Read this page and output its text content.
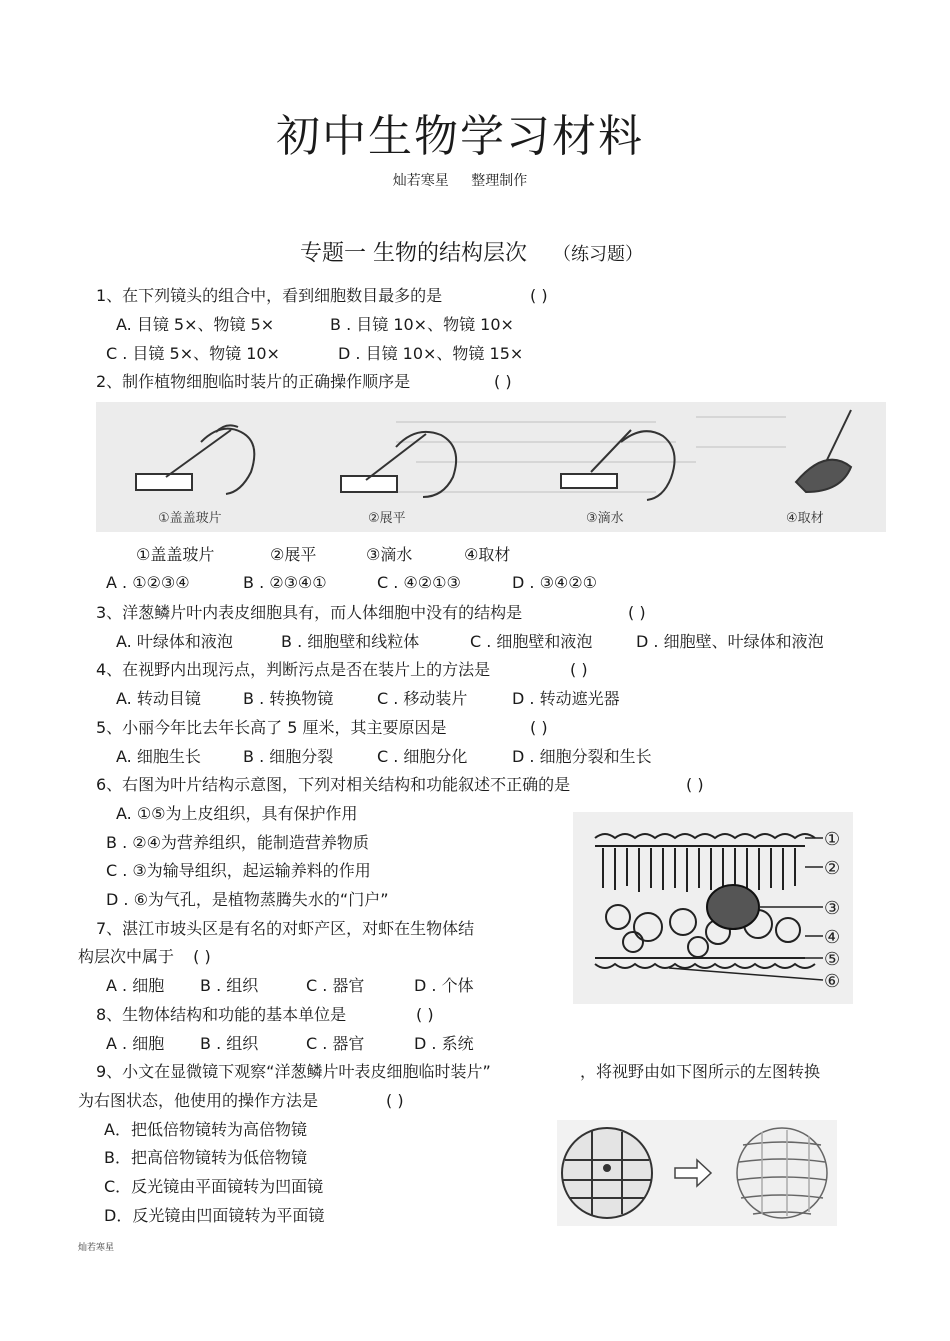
初中生物学习材料
灿若寒星 整理制作
专题一 生物的结构层次 （练习题）
1、在下列镜头的组合中，看到细胞数目最多的是	( )
A. 目镜 5×、物镜 5×	B . 目镜 10×、物镜 10×
C . 目镜 5×、物镜 10×	D . 目镜 10×、物镜 15×
2、制作植物细胞临时装片的正确操作顺序是	( )
①盖盖玻片	②展平	③滴水	④取材
①盖盖玻片	②展平	③滴水	④取材
A . ①②③④	B . ②③④①	C . ④②①③	D . ③④②①
3、洋葱鳞片叶内表皮细胞具有，而人体细胞中没有的结构是	( )
A. 叶绿体和液泡	B . 细胞壁和线粒体	C . 细胞壁和液泡	D . 细胞壁、叶绿体和液泡
4、在视野内出现污点，判断污点是否在装片上的方法是	( )
A. 转动目镜	B . 转换物镜	C . 移动装片	D . 转动遮光器
5、小丽今年比去年长高了 5 厘米，其主要原因是	( )
A. 细胞生长	B . 细胞分裂	C . 细胞分化	D . 细胞分裂和生长
6、右图为叶片结构示意图，下列对相关结构和功能叙述不正确的是	( )
A. ①⑤为上皮组织，具有保护作用
B . ②④为营养组织，能制造营养物质
C . ③为输导组织，起运输养料的作用
D . ⑥为气孔，是植物蒸腾失水的“门户”
①
②
③
④
⑤
⑥
7、湛江市坡头区是有名的对虾产区，对虾在生物体结
构层次中属于 ( )
A . 细胞 B . 组织	C . 器官	D . 个体
8、生物体结构和功能的基本单位是	( )
A . 细胞 B . 组织	C . 器官	D . 系统
9、小文在显微镜下观察“洋葱鳞片叶表皮细胞临时装片”	，将视野由如下图所示的左图转换
为右图状态，他使用的操作方法是	( )
A．把低倍物镜转为高倍物镜
B．把高倍物镜转为低倍物镜
C．反光镜由平面镜转为凹面镜
D．反光镜由凹面镜转为平面镜
灿若寒星
